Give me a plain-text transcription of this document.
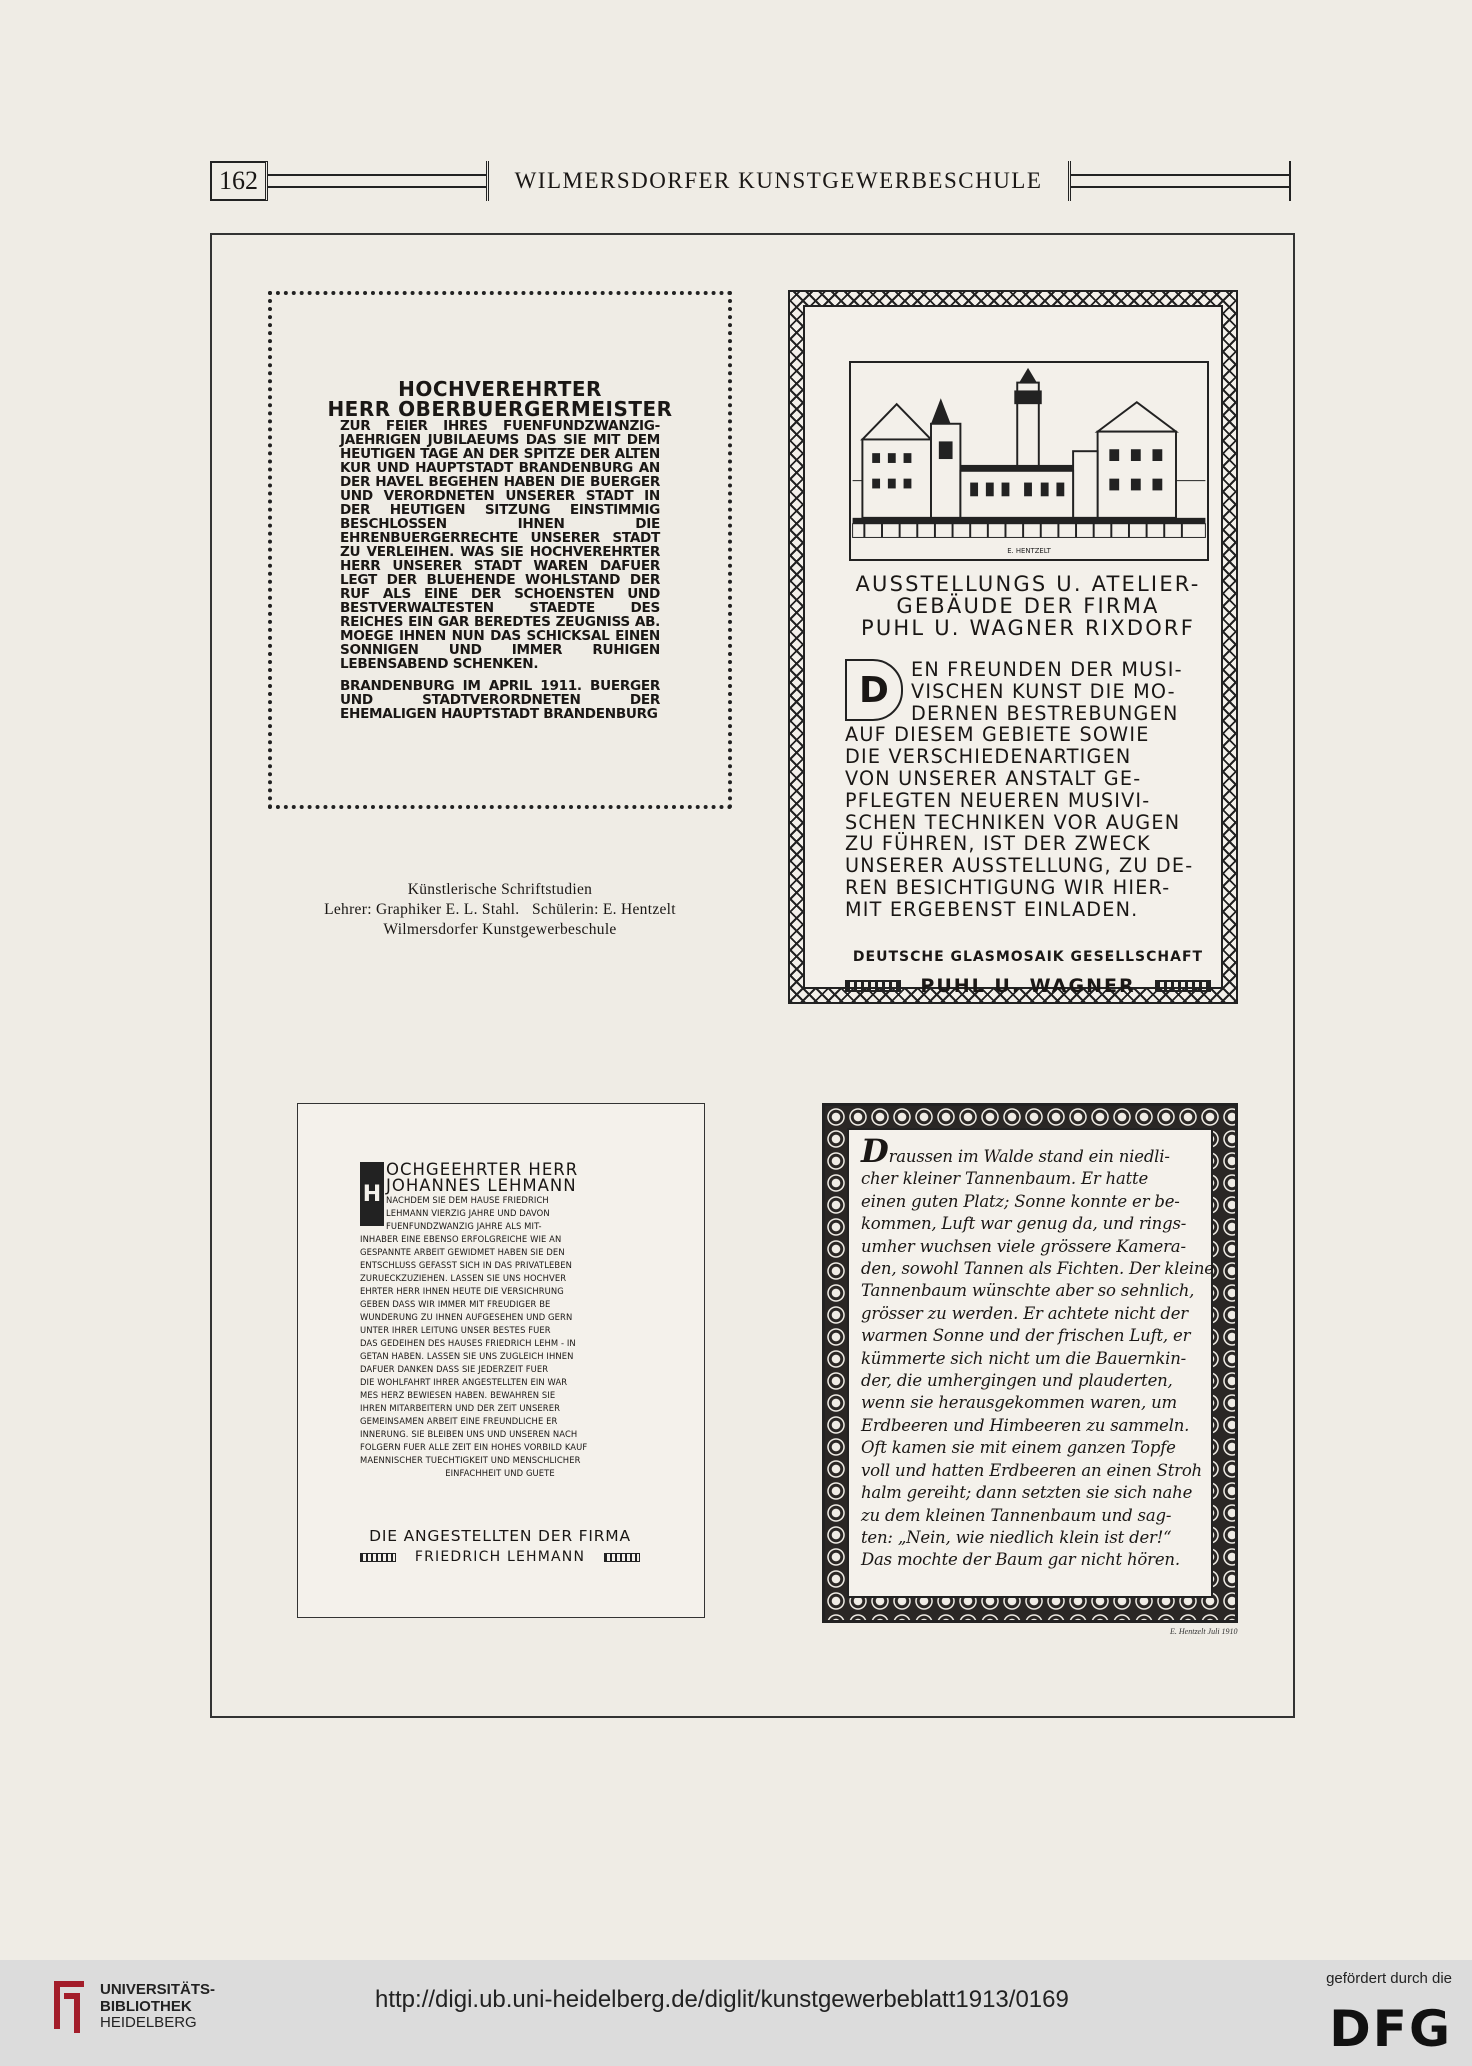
162	WILMERSDORFER KUNSTGEWERBESCHULE
HOCHVEREHRTER
HERR OBERBUERGERMEISTER
ZUR FEIER IHRES FUENFUNDZWANZIG-JAEHRIGEN JUBILAEUMS DAS SIE MIT DEM HEUTIGEN TAGE AN DER SPITZE DER ALTEN KUR UND HAUPTSTADT BRANDENBURG AN DER HAVEL BEGEHEN HABEN DIE BUERGER UND VERORDNETEN UNSERER STADT IN DER HEUTIGEN SITZUNG EINSTIMMIG BESCHLOSSEN IHNEN DIE EHRENBUERGERRECHTE UNSERER STADT ZU VERLEIHEN. WAS SIE HOCHVEREHRTER HERR UNSERER STADT WAREN DAFUER LEGT DER BLUEHENDE WOHLSTAND DER RUF ALS EINE DER SCHOENSTEN UND BESTVERWALTESTEN STAEDTE DES REICHES EIN GAR BEREDTES ZEUGNISS AB. MOEGE IHNEN NUN DAS SCHICKSAL EINEN SONNIGEN UND IMMER RUHIGEN LEBENSABEND SCHENKEN.
BRANDENBURG IM APRIL 1911. BUERGER UND STADTVERORDNETEN DER EHEMALIGEN HAUPTSTADT BRANDENBURG
Künstlerische Schriftstudien
Lehrer: Graphiker E. L. Stahl.   Schülerin: E. Hentzelt
Wilmersdorfer Kunstgewerbeschule
E. HENTZELT
AUSSTELLUNGS U. ATELIER-
GEBÄUDE DER FIRMA
PUHL U. WAGNER RIXDORF
EN FREUNDEN DER MUSI-
VISCHEN KUNST DIE MO-
DERNEN BESTREBUNGEN
AUF DIESEM GEBIETE SOWIE
DIE VERSCHIEDENARTIGEN
VON UNSERER ANSTALT GE-
PFLEGTEN NEUEREN MUSIVI-
SCHEN TECHNIKEN VOR AUGEN
ZU FÜHREN, IST DER ZWECK
UNSERER AUSSTELLUNG, ZU DE-
REN BESICHTIGUNG WIR HIER-
MIT ERGEBENST EINLADEN.
D
DEUTSCHE GLASMOSAIK GESELLSCHAFT
PUHL U. WAGNER
OCHGEEHRTER HERR
JOHANNES LEHMANN
H NACHDEM SIE DEM HAUSE FRIEDRICH
LEHMANN VIERZIG JAHRE UND DAVON
FUENFUNDZWANZIG JAHRE ALS MIT-
INHABER EINE EBENSO ERFOLGREICHE WIE AN
GESPANNTE ARBEIT GEWIDMET HABEN SIE DEN
ENTSCHLUSS GEFASST SICH IN DAS PRIVATLEBEN
ZURUECKZUZIEHEN. LASSEN SIE UNS HOCHVER
EHRTER HERR IHNEN HEUTE DIE VERSICHRUNG
GEBEN DASS WIR IMMER MIT FREUDIGER BE
WUNDERUNG ZU IHNEN AUFGESEHEN UND GERN
UNTER IHRER LEITUNG UNSER BESTES FUER
DAS GEDEIHEN DES HAUSES FRIEDRICH LEHM - IN
GETAN HABEN. LASSEN SIE UNS ZUGLEICH IHNEN
DAFUER DANKEN DASS SIE JEDERZEIT FUER
DIE WOHLFAHRT IHRER ANGESTELLTEN EIN WAR
MES HERZ BEWIESEN HABEN. BEWAHREN SIE
IHREN MITARBEITERN UND DER ZEIT UNSERER
GEMEINSAMEN ARBEIT EINE FREUNDLICHE ER
INNERUNG. SIE BLEIBEN UNS UND UNSEREN NACH
FOLGERN FUER ALLE ZEIT EIN HOHES VORBILD KAUF
MAENNISCHER TUECHTIGKEIT UND MENSCHLICHER
EINFACHHEIT UND GUETE
DIE ANGESTELLTEN DER FIRMA
FRIEDRICH LEHMANN
Draussen im Walde stand ein niedli-
cher kleiner Tannenbaum. Er hatte
einen guten Platz; Sonne konnte er be-
kommen, Luft war genug da, und rings-
umher wuchsen viele grössere Kamera-
den, sowohl Tannen als Fichten. Der kleine
Tannenbaum wünschte aber so sehnlich,
grösser zu werden. Er achtete nicht der
warmen Sonne und der frischen Luft, er
kümmerte sich nicht um die Bauernkin-
der, die umhergingen und plauderten,
wenn sie herausgekommen waren, um
Erdbeeren und Himbeeren zu sammeln.
Oft kamen sie mit einem ganzen Topfe
voll und hatten Erdbeeren an einen Stroh
halm gereiht; dann setzten sie sich nahe
zu dem kleinen Tannenbaum und sag-
ten: „Nein, wie niedlich klein ist der!“
Das mochte der Baum gar nicht hören.
E. Hentzelt Juli 1910
UNIVERSITÄTS-
BIBLIOTHEK
HEIDELBERG
http://digi.ub.uni-heidelberg.de/diglit/kunstgewerbeblatt1913/0169
gefördert durch die
DFG
